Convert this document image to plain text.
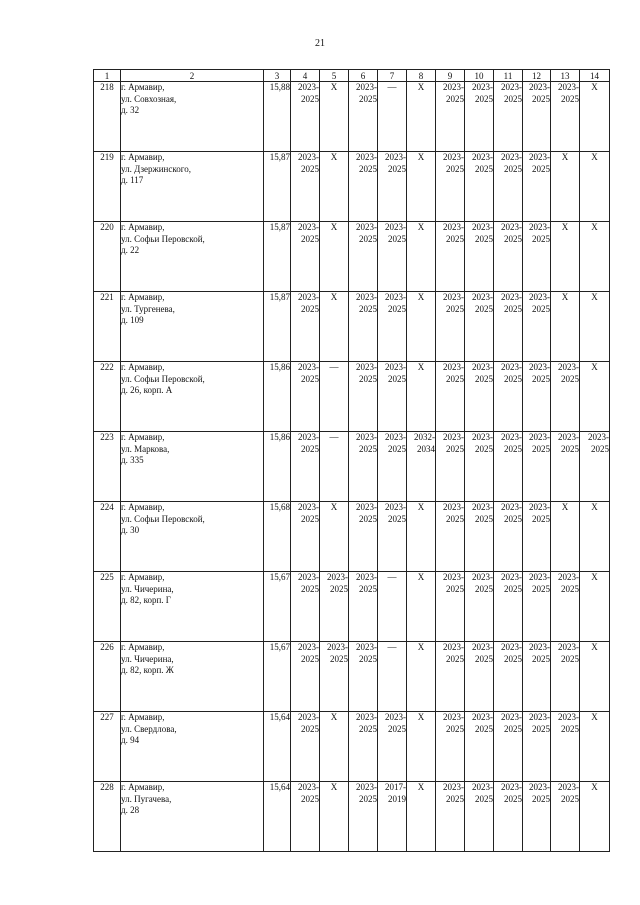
21
1	2	3	4	5	6	7	8	9	10	11	12	13	14
218	г. Армавир,
ул. Совхозная,
д. 32	15,88	2023-
2025	X	2023-
2025	—	X	2023-
2025	2023-
2025	2023-
2025	2023-
2025	2023-
2025	X

219	г. Армавир,
ул. Дзержинского,
д. 117	15,87	2023-
2025	X	2023-
2025	2023-
2025	X	2023-
2025	2023-
2025	2023-
2025	2023-
2025	X	X

220	г. Армавир,
ул. Софьи Перовской,
д. 22	15,87	2023-
2025	X	2023-
2025	2023-
2025	X	2023-
2025	2023-
2025	2023-
2025	2023-
2025	X	X

221	г. Армавир,
ул. Тургенева,
д. 109	15,87	2023-
2025	X	2023-
2025	2023-
2025	X	2023-
2025	2023-
2025	2023-
2025	2023-
2025	X	X

222	г. Армавир,
ул. Софьи Перовской,
д. 26, корп. А	15,86	2023-
2025	—	2023-
2025	2023-
2025	X	2023-
2025	2023-
2025	2023-
2025	2023-
2025	2023-
2025	X

223	г. Армавир,
ул. Маркова,
д. 335	15,86	2023-
2025	—	2023-
2025	2023-
2025	2032-
2034	2023-
2025	2023-
2025	2023-
2025	2023-
2025	2023-
2025	2023-
2025

224	г. Армавир,
ул. Софьи Перовской,
д. 30	15,68	2023-
2025	X	2023-
2025	2023-
2025	X	2023-
2025	2023-
2025	2023-
2025	2023-
2025	X	X

225	г. Армавир,
ул. Чичерина,
д. 82, корп. Г	15,67	2023-
2025	2023-
2025	2023-
2025	—	X	2023-
2025	2023-
2025	2023-
2025	2023-
2025	2023-
2025	X

226	г. Армавир,
ул. Чичерина,
д. 82, корп. Ж	15,67	2023-
2025	2023-
2025	2023-
2025	—	X	2023-
2025	2023-
2025	2023-
2025	2023-
2025	2023-
2025	X

227	г. Армавир,
ул. Свердлова,
д. 94	15,64	2023-
2025	X	2023-
2025	2023-
2025	X	2023-
2025	2023-
2025	2023-
2025	2023-
2025	2023-
2025	X

228	г. Армавир,
ул. Пугачева,
д. 28	15,64	2023-
2025	X	2023-
2025	2017-
2019	X	2023-
2025	2023-
2025	2023-
2025	2023-
2025	2023-
2025	X
